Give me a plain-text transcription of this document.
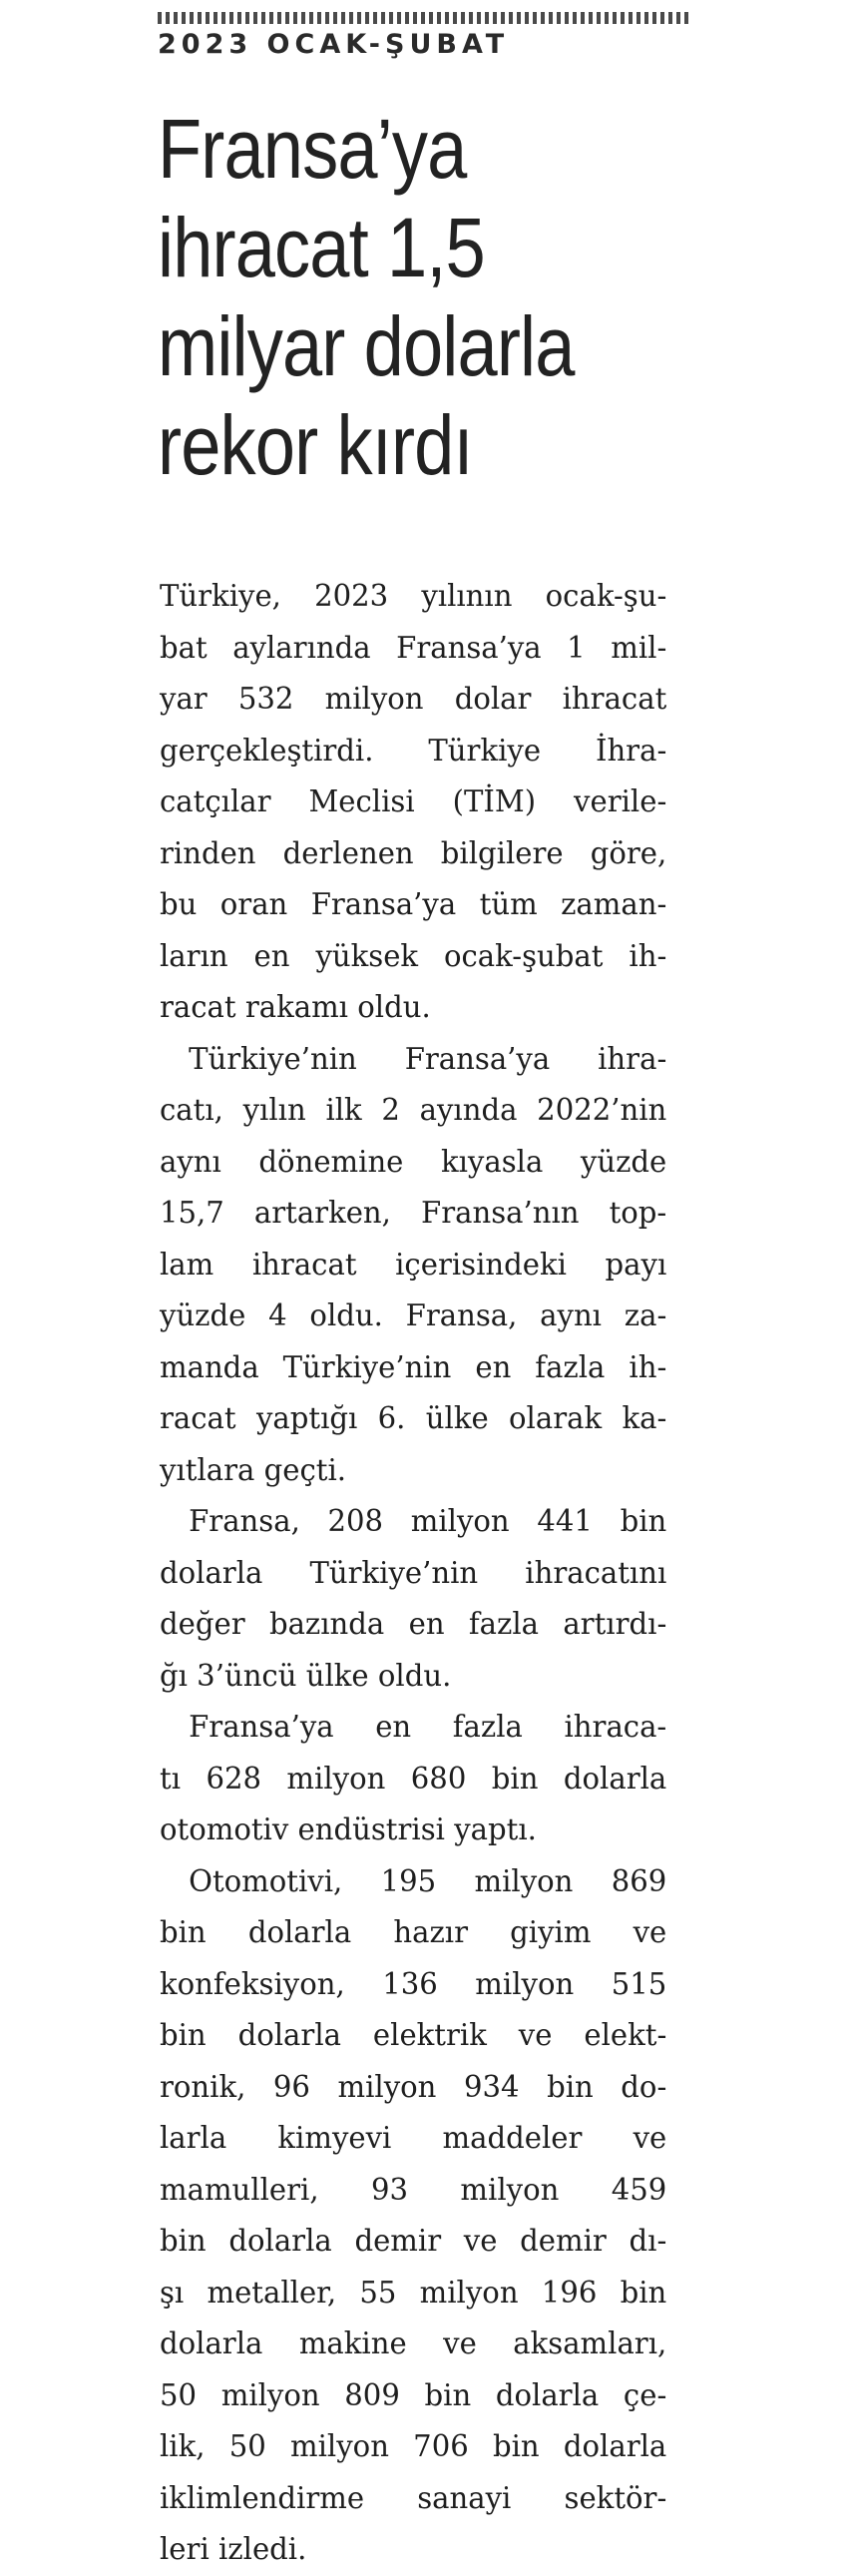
2023 OCAK-ŞUBAT
Fransa’ya
ihracat 1,5
milyar dolarla
rekor kırdı

Türkiye, 2023 yılının ocak-şu-
bat aylarında Fransa’ya 1 mil-
yar 532 milyon dolar ihracat
gerçekleştirdi. Türkiye İhra-
catçılar Meclisi (TİM) verile-
rinden derlenen bilgilere göre,
bu oran Fransa’ya tüm zaman-
ların en yüksek ocak-şubat ih-
racat rakamı oldu.

Türkiye’nin Fransa’ya ihra-
catı, yılın ilk 2 ayında 2022’nin
aynı dönemine kıyasla yüzde
15,7 artarken, Fransa’nın top-
lam ihracat içerisindeki payı
yüzde 4 oldu. Fransa, aynı za-
manda Türkiye’nin en fazla ih-
racat yaptığı 6. ülke olarak ka-
yıtlara geçti.

Fransa, 208 milyon 441 bin
dolarla Türkiye’nin ihracatını
değer bazında en fazla artırdı-
ğı 3’üncü ülke oldu.

Fransa’ya en fazla ihraca-
tı 628 milyon 680 bin dolarla
otomotiv endüstrisi yaptı.

Otomotivi, 195 milyon 869
bin dolarla hazır giyim ve
konfeksiyon, 136 milyon 515
bin dolarla elektrik ve elekt-
ronik, 96 milyon 934 bin do-
larla kimyevi maddeler ve
mamulleri, 93 milyon 459
bin dolarla demir ve demir dı-
şı metaller, 55 milyon 196 bin
dolarla makine ve aksamları,
50 milyon 809 bin dolarla çe-
lik, 50 milyon 706 bin dolarla
iklimlendirme sanayi sektör-
leri izledi.
